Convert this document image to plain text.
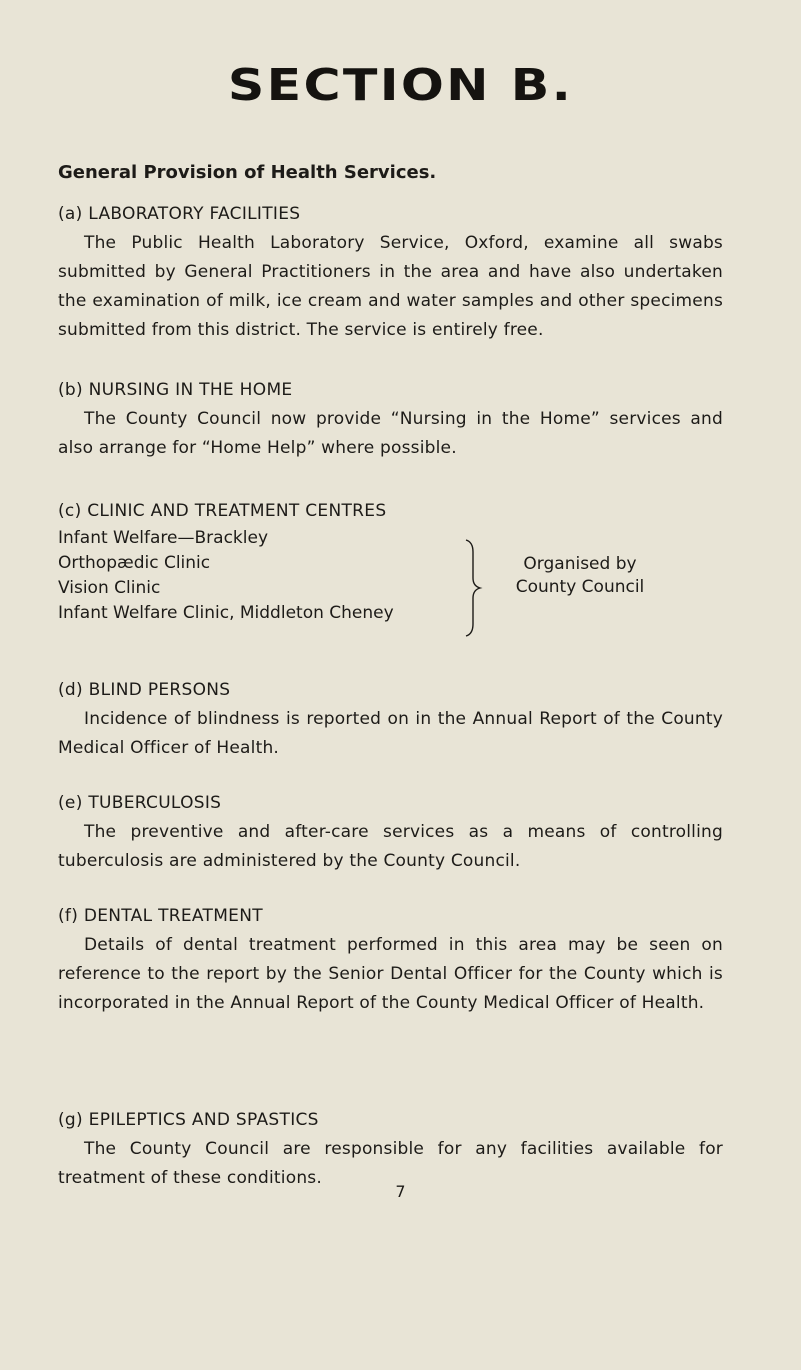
SECTION B.
General Provision of Health Services.
(a) LABORATORY FACILITIES
The Public Health Laboratory Service, Oxford, examine all swabs submitted by General Practitioners in the area and have also undertaken the examination of milk, ice cream and water samples and other specimens submitted from this district. The service is entirely free.
(b) NURSING IN THE HOME
The County Council now provide “Nursing in the Home” services and also arrange for “Home Help” where possible.
(c) CLINIC AND TREATMENT CENTRES
Infant Welfare—Brackley
Orthopædic Clinic
Vision Clinic
Infant Welfare Clinic, Middleton Cheney
Organised by
County Council
(d) BLIND PERSONS
Incidence of blindness is reported on in the Annual Report of the County Medical Officer of Health.
(e) TUBERCULOSIS
The preventive and after-care services as a means of controlling tuberculosis are administered by the County Council.
(f) DENTAL TREATMENT
Details of dental treatment performed in this area may be seen on reference to the report by the Senior Dental Officer for the County which is incorporated in the Annual Report of the County Medical Officer of Health.
(g) EPILEPTICS AND SPASTICS
The County Council are responsible for any facilities available for treatment of these conditions.
7
